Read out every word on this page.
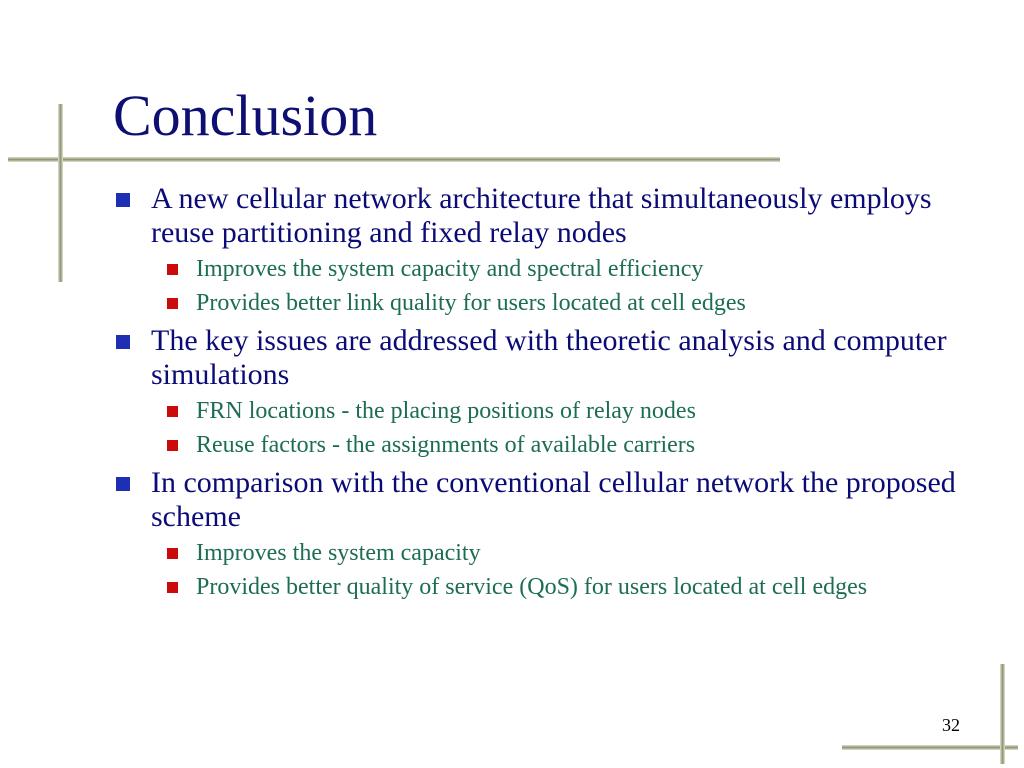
Conclusion
A new cellular network architecture that simultaneously employs reuse partitioning and fixed relay nodes
Improves the system capacity and spectral efficiency
Provides better link quality for users located at cell edges
The key issues are addressed with theoretic analysis and computer simulations
FRN locations - the placing positions of relay nodes
Reuse factors - the assignments of available carriers
In comparison with the conventional cellular network the proposed scheme
Improves the system capacity
Provides better quality of service (QoS) for users located at cell edges
32
